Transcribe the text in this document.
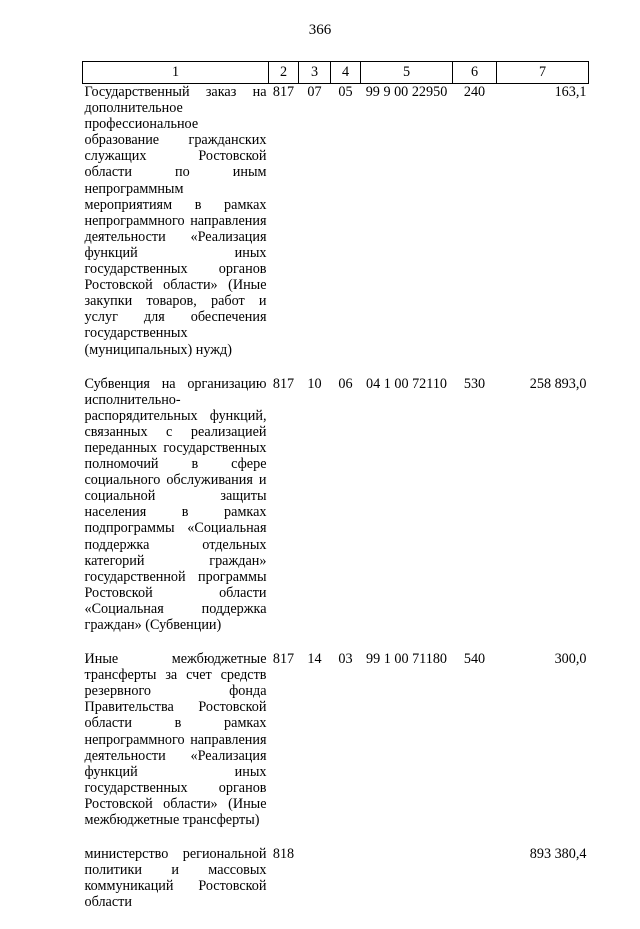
366
1	2	3	4	5	6	7
Государственный заказ на дополнительное профессиональное образование гражданских служащих Ростовской области по иным непрограммным мероприятиям в рамках непрограммного направления деятельности «Реализация функций иных государственных органов Ростовской области» (Иные закупки товаров, работ и услуг для обеспечения государственных (муниципальных) нужд)	817	07	05	99 9 00 22950	240	163,1
Субвенция на организацию исполнительно-распорядительных функций, связанных с реализацией переданных государственных полномочий в сфере социального обслуживания и социальной защиты населения в рамках подпрограммы «Социальная поддержка отдельных категорий граждан» государственной программы Ростовской области «Социальная поддержка граждан» (Субвенции)	817	10	06	04 1 00 72110	530	258 893,0
Иные межбюджетные трансферты за счет средств резервного фонда Правительства Ростовской области в рамках непрограммного направления деятельности «Реализация функций иных государственных органов Ростовской области» (Иные межбюджетные трансферты)	817	14	03	99 1 00 71180	540	300,0
министерство региональной политики и массовых коммуникаций Ростовской области	818					893 380,4
